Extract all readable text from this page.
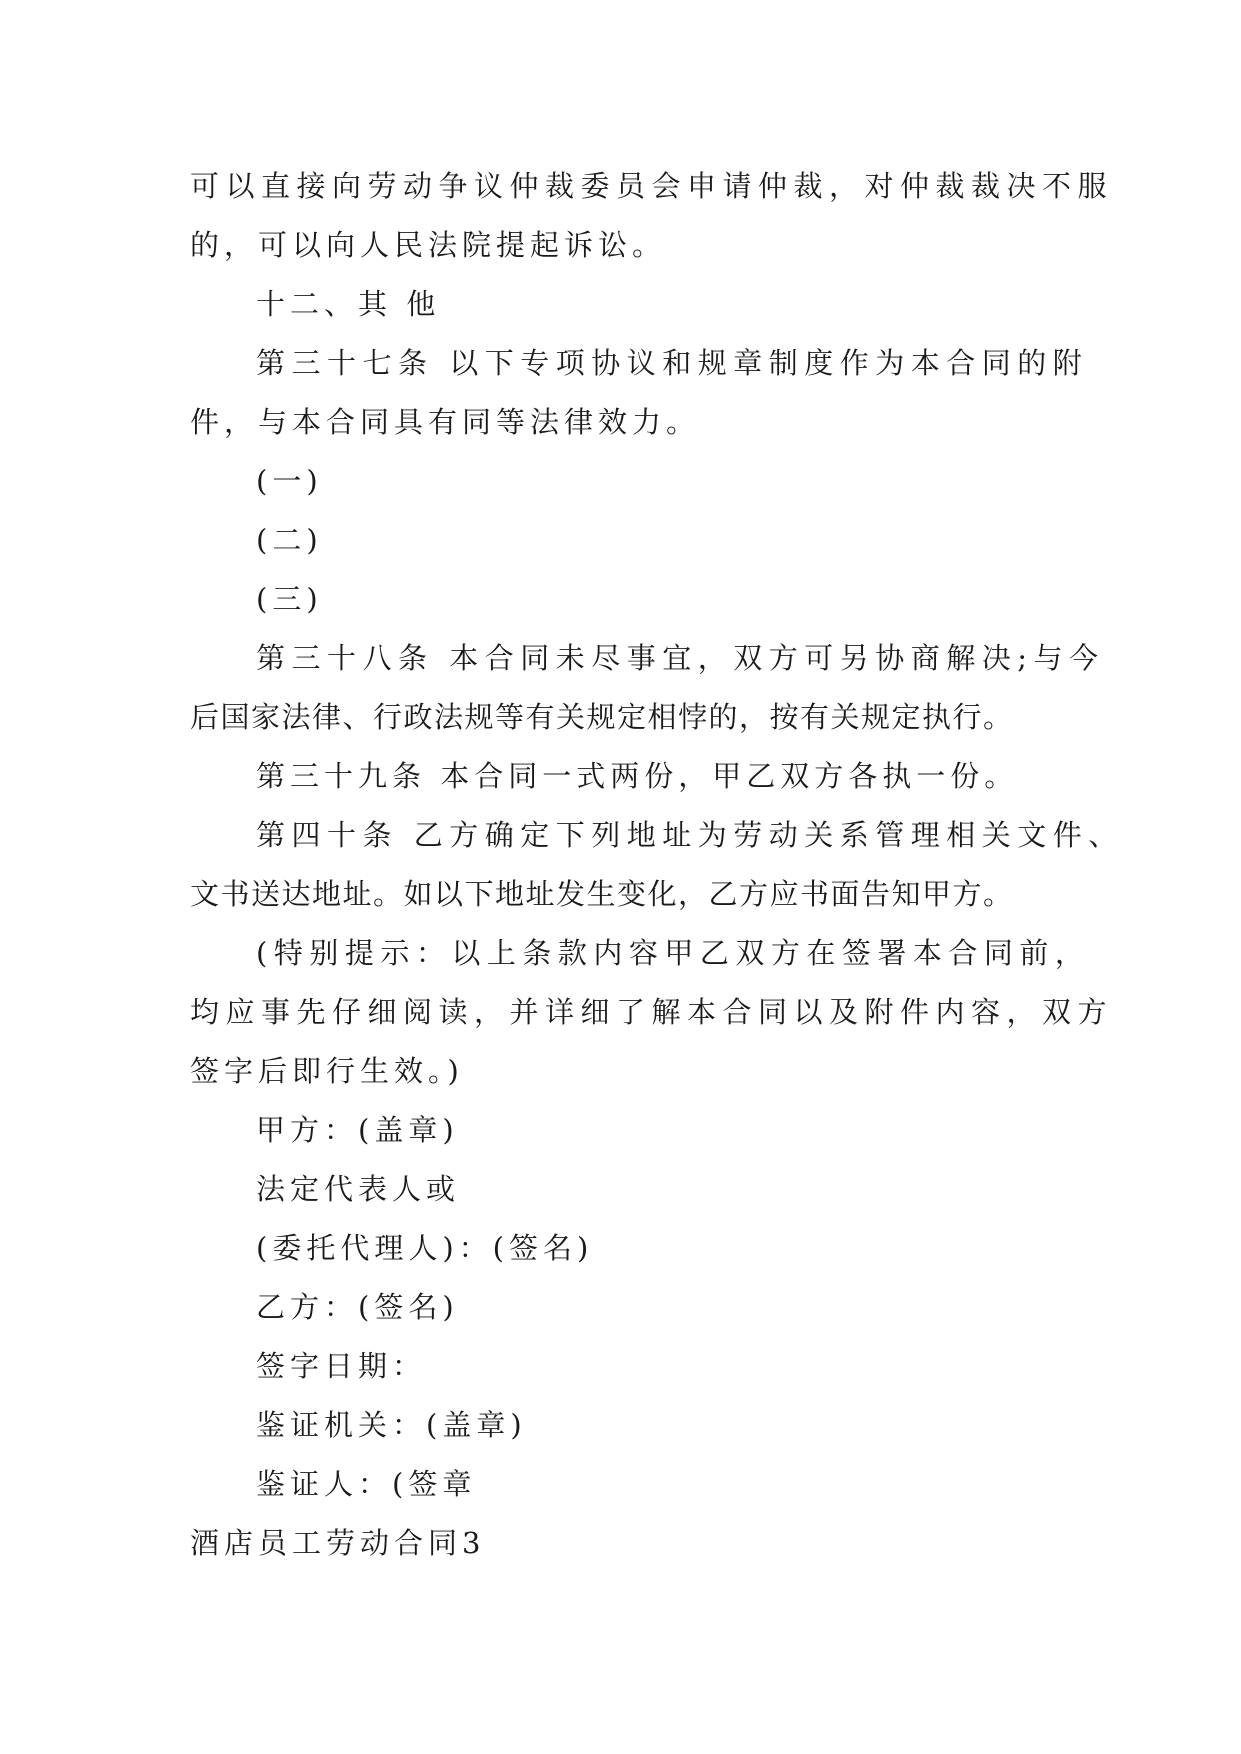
可以直接向劳动争议仲裁委员会申请仲裁，对仲裁裁决不服
的，可以向人民法院提起诉讼。
十二、其 他
第三十七条 以下专项协议和规章制度作为本合同的附
件，与本合同具有同等法律效力。
(一)
(二)
(三)
第三十八条 本合同未尽事宜，双方可另协商解决;与今
后国家法律、行政法规等有关规定相悖的，按有关规定执行。
第三十九条 本合同一式两份，甲乙双方各执一份。
第四十条 乙方确定下列地址为劳动关系管理相关文件、
文书送达地址。如以下地址发生变化，乙方应书面告知甲方。
(特别提示：以上条款内容甲乙双方在签署本合同前，
均应事先仔细阅读，并详细了解本合同以及附件内容，双方
签字后即行生效。)
甲方：(盖章)
法定代表人或
(委托代理人)：(签名)
乙方：(签名)
签字日期：
鉴证机关：(盖章)
鉴证人：(签章
酒店员工劳动合同3
